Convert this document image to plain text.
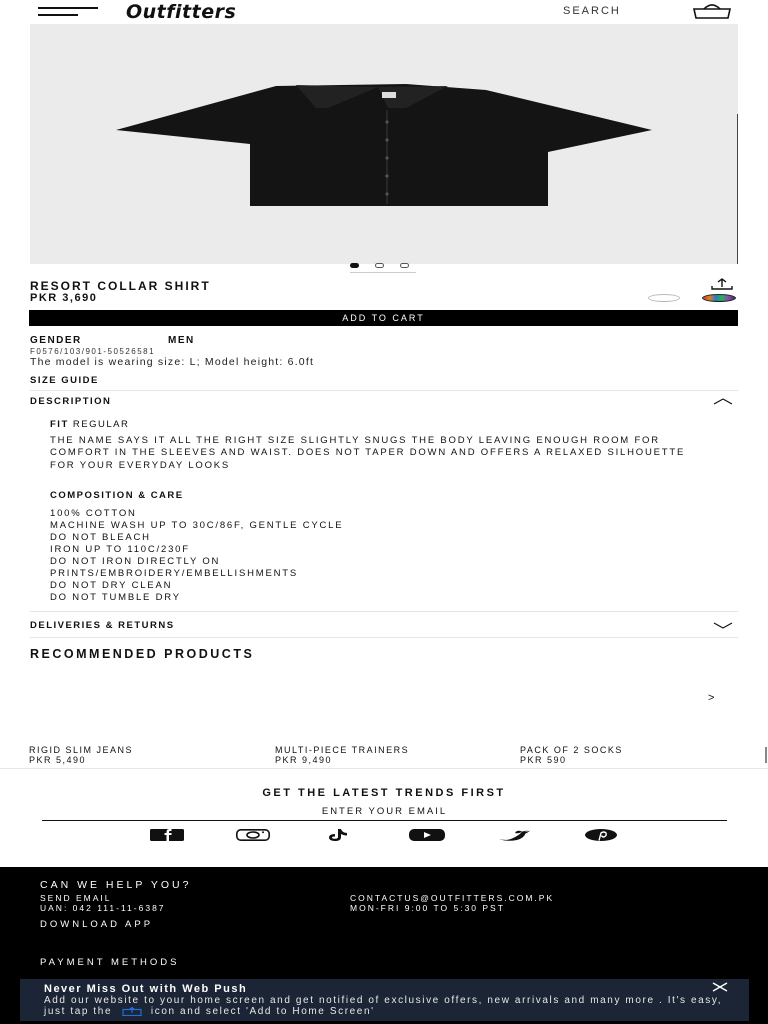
Outfitters	SEARCH
RESORT COLLAR SHIRT
PKR 3,690
ADD TO CART
GENDER	MEN
F0576/103/901-50526581
The model is wearing size: L; Model height: 6.0ft
SIZE GUIDE
DESCRIPTION
FIT REGULAR
THE NAME SAYS IT ALL THE RIGHT SIZE SLIGHTLY SNUGS THE BODY LEAVING ENOUGH ROOM FOR COMFORT IN THE SLEEVES AND WAIST. DOES NOT TAPER DOWN AND OFFERS A RELAXED SILHOUETTE FOR YOUR EVERYDAY LOOKS
COMPOSITION & CARE
100% COTTON
MACHINE WASH UP TO 30C/86F, GENTLE CYCLE
DO NOT BLEACH
IRON UP TO 110C/230F
DO NOT IRON DIRECTLY ON
PRINTS/EMBROIDERY/EMBELLISHMENTS
DO NOT DRY CLEAN
DO NOT TUMBLE DRY
DELIVERIES & RETURNS
RECOMMENDED PRODUCTS
>
RIGID SLIM JEANS
PKR 5,490
MULTI-PIECE TRAINERS
PKR 9,490
PACK OF 2 SOCKS
PKR 590
GET THE LATEST TRENDS FIRST
ENTER YOUR EMAIL
CAN WE HELP YOU?
SEND EMAIL
UAN: 042 111-11-6387
CONTACTUS@OUTFITTERS.COM.PK
MON-FRI 9:00 TO 5:30 PST
DOWNLOAD APP
PAYMENT METHODS
Never Miss Out with Web Push
Add our website to your home screen and get notified of exclusive offers, new arrivals and many more . It's easy, just tap the	icon and select 'Add to Home Screen'
